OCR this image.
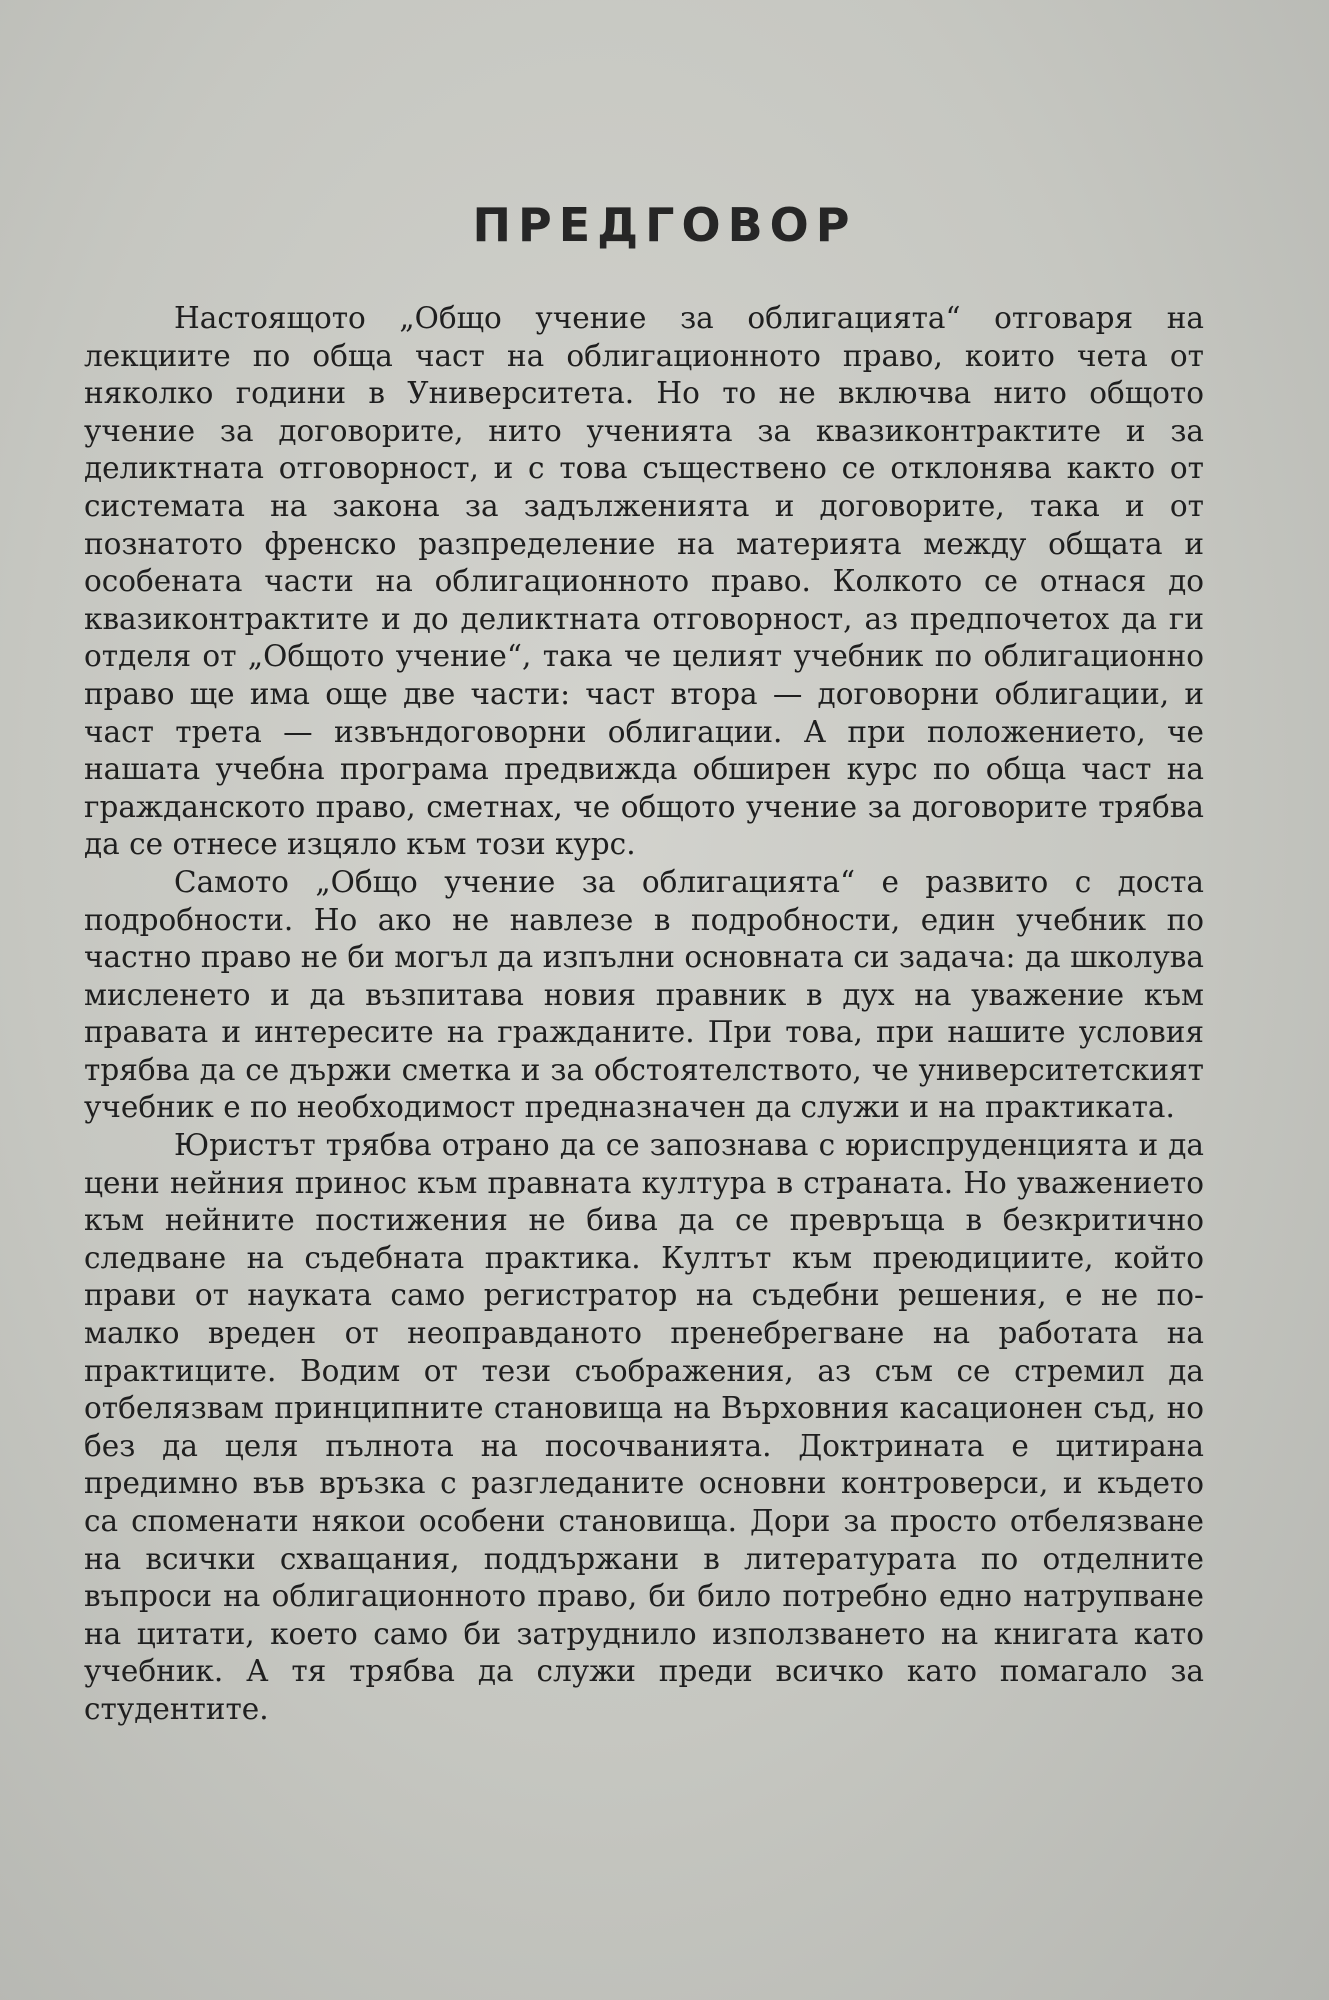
ПРЕДГОВОР

Настоящото „Общо учение за облигацията“ отговаря на лекциите по обща част на облигационното право, които чета от няколко години в Университета. Но то не включва нито общото учение за договорите, нито ученията за квазиконтрактите и за деликтната отговорност, и с това съществено се отклонява както от системата на закона за задълженията и договорите, така и от познатото френско разпределение на материята между общата и особената части на облигационното право. Колкото се отнася до квазиконтрактите и до деликтната отговорност, аз предпочетох да ги отделя от „Общото учение“, така че целият учебник по облигационно право ще има още две части: част втора — договорни облигации, и част трета — извъндоговорни облигации. А при положението, че нашата учебна програма предвижда обширен курс по обща част на гражданското право, сметнах, че общото учение за договорите трябва да се отнесе изцяло към този курс.

Самото „Общо учение за облигацията“ е развито с доста подробности. Но ако не навлезе в подробности, един учебник по частно право не би могъл да изпълни основната си задача: да школува мисленето и да възпитава новия правник в дух на уважение към правата и интересите на гражданите. При това, при нашите условия трябва да се държи сметка и за обстоятелството, че университетският учебник е по необходимост предназначен да служи и на практиката.

Юристът трябва отрано да се запознава с юриспруденцията и да цени нейния принос към правната култура в страната. Но уважението към нейните постижения не бива да се превръща в безкритично следване на съдебната практика. Култът към преюдициите, който прави от науката само регистратор на съдебни решения, е не по-малко вреден от неоправданото пренебрегване на работата на практиците. Водим от тези съображения, аз съм се стремил да отбелязвам принципните становища на Върховния касационен съд, но без да целя пълнота на посочванията. Доктрината е цитирана предимно във връзка с разгледаните основни контроверси, и където са споменати някои особени становища. Дори за просто отбелязване на всички схващания, поддържани в литературата по отделните въпроси на облигационното право, би било потребно едно натрупване на цитати, което само би затруднило използването на книгата като учебник. А тя трябва да служи преди всичко като помагало за студентите.
